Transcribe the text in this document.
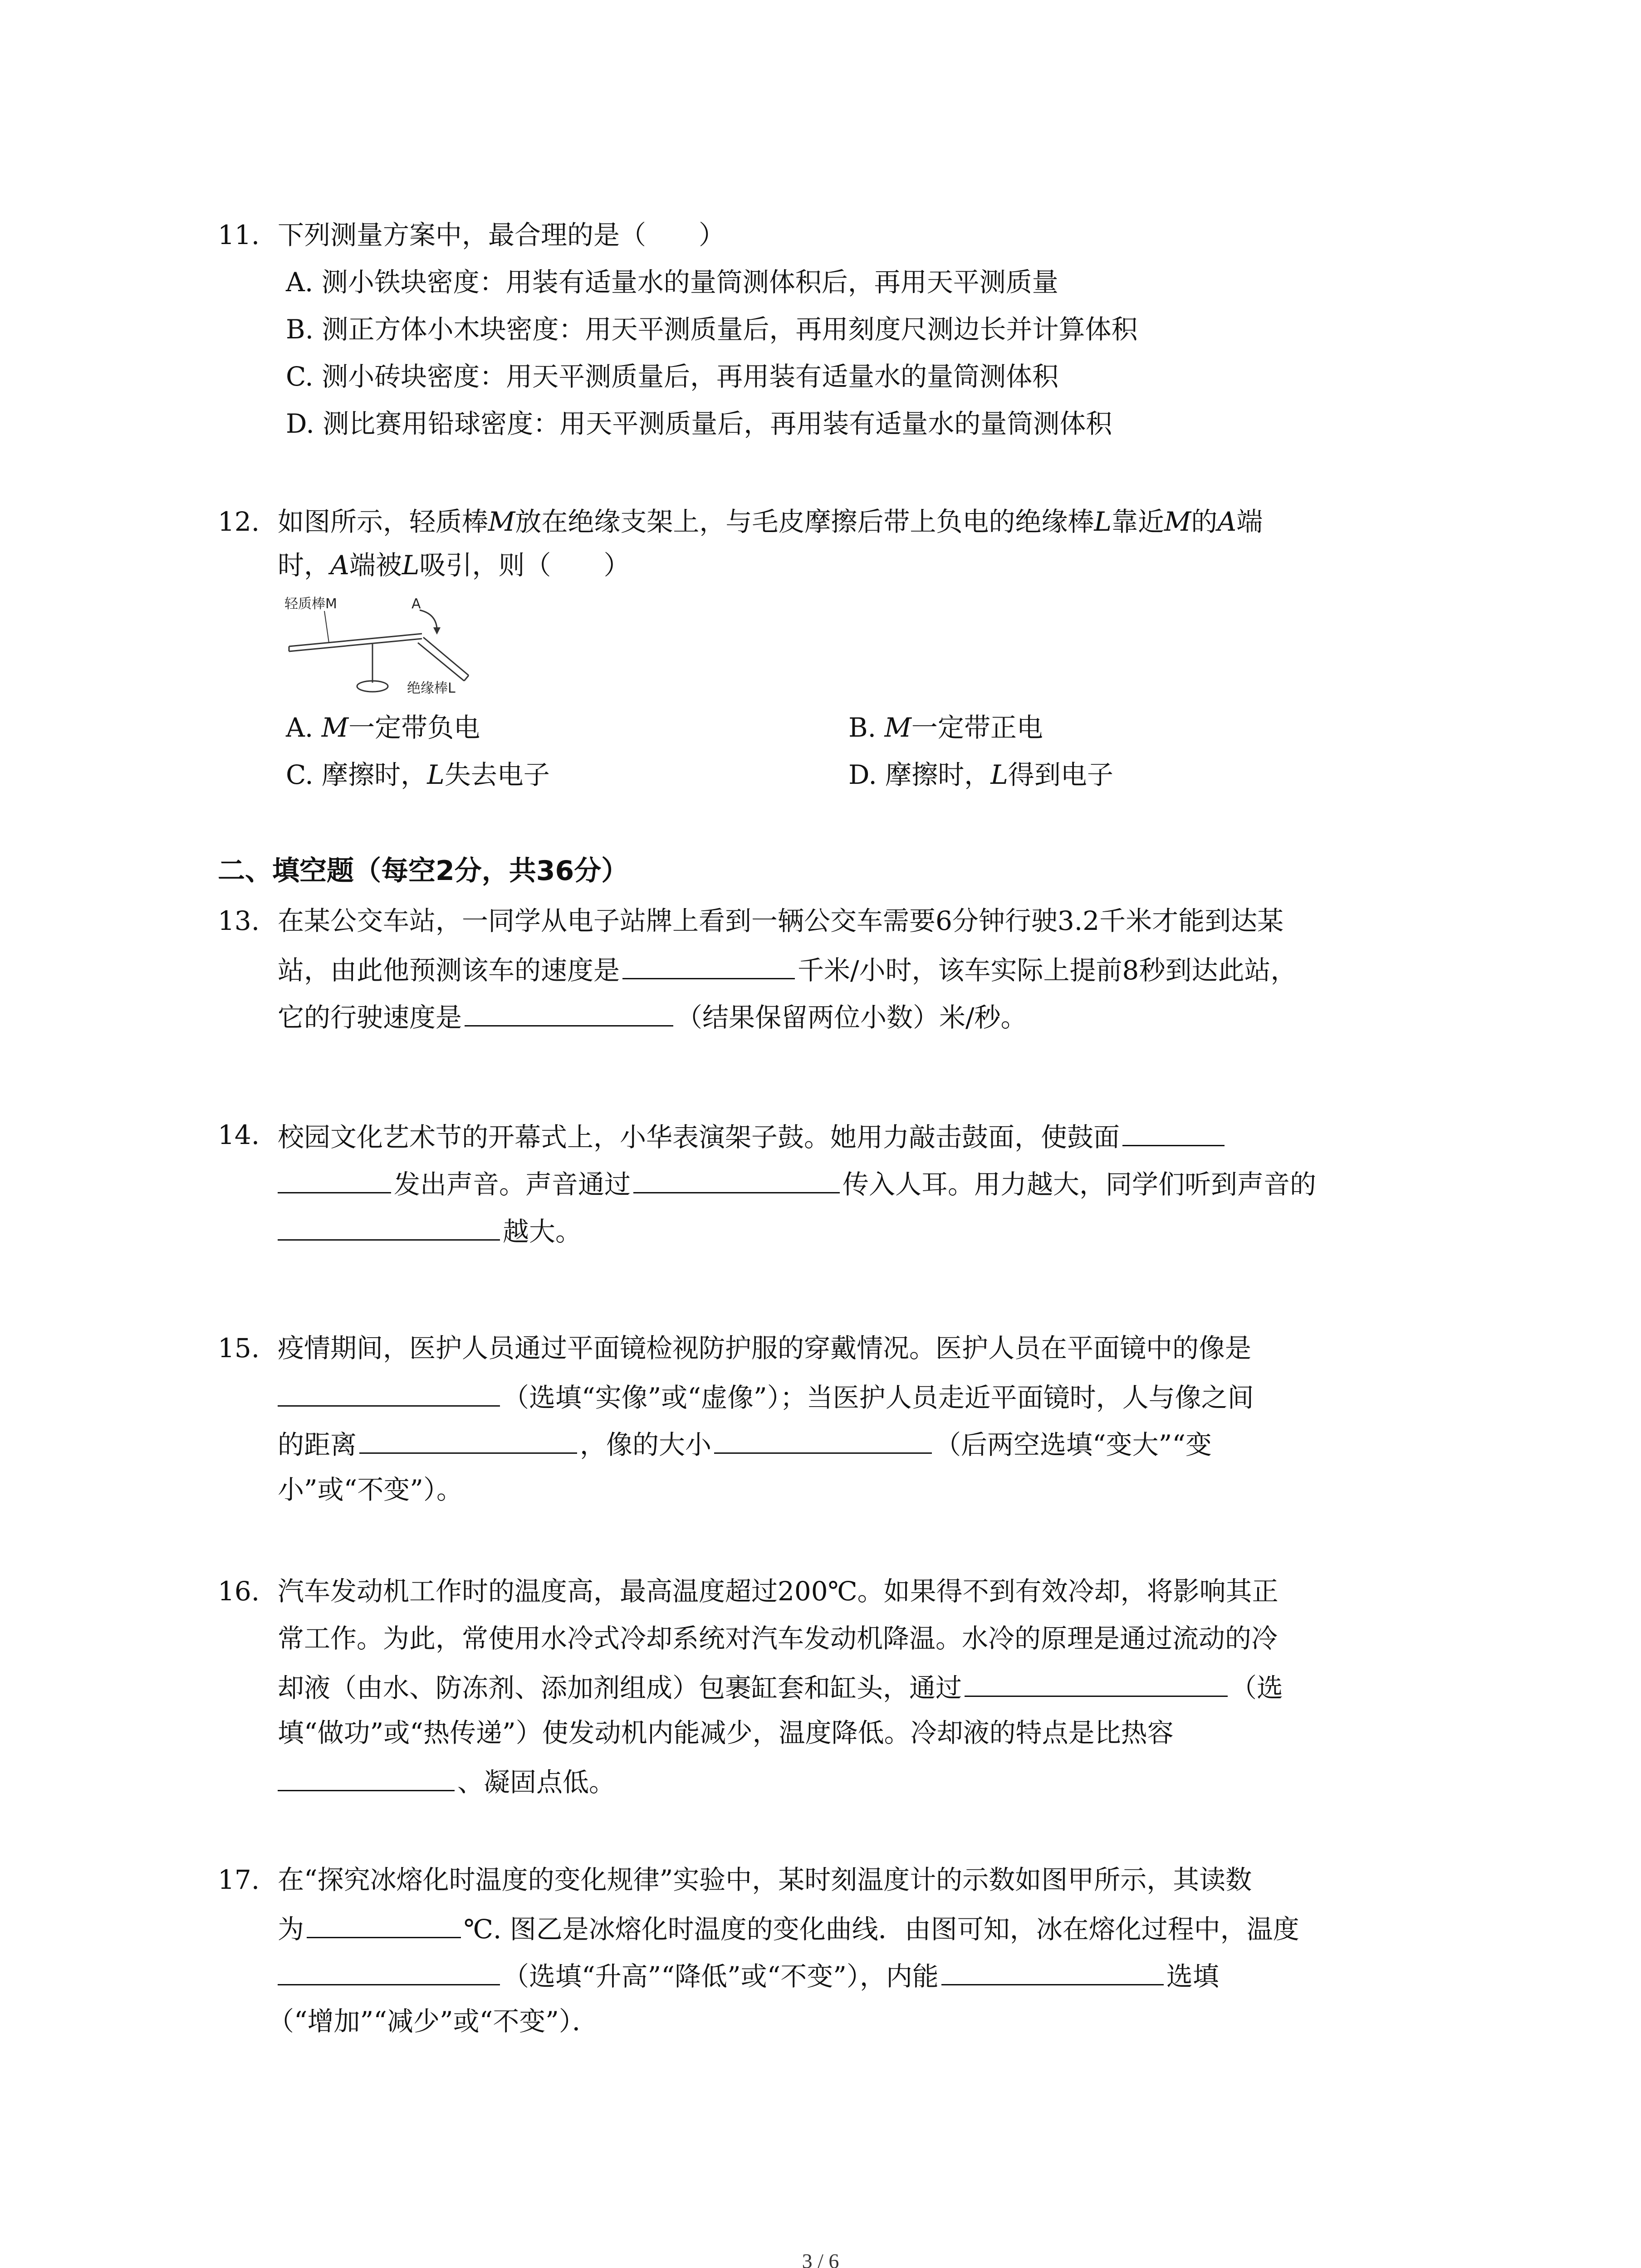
11. 下列测量方案中，最合理的是（　　）
A. 测小铁块密度：用装有适量水的量筒测体积后，再用天平测质量
B. 测正方体小木块密度：用天平测质量后，再用刻度尺测边长并计算体积
C. 测小砖块密度：用天平测质量后，再用装有适量水的量筒测体积
D. 测比赛用铅球密度：用天平测质量后，再用装有适量水的量筒测体积
12. 如图所示，轻质棒M放在绝缘支架上，与毛皮摩擦后带上负电的绝缘棒L靠近M的A端
时，A端被L吸引，则（　　）
轻质棒M	A
绝缘棒L
A. M一定带负电	B. M一定带正电
C. 摩擦时，L失去电子	D. 摩擦时，L得到电子
二、填空题（每空2分，共36分）
13. 在某公交车站，一同学从电子站牌上看到一辆公交车需要6分钟行驶3.2千米才能到达某
站，由此他预测该车的速度是	千米/小时，该车实际上提前8秒到达此站，
它的行驶速度是	（结果保留两位小数）米/秒。
14. 校园文化艺术节的开幕式上，小华表演架子鼓。她用力敲击鼓面，使鼓面
发出声音。声音通过	传入人耳。用力越大，同学们听到声音的
越大。
15. 疫情期间，医护人员通过平面镜检视防护服的穿戴情况。医护人员在平面镜中的像是
（选填“实像”或“虚像”）；当医护人员走近平面镜时，人与像之间
的距离	，像的大小	（后两空选填“变大”“变
小”或“不变”）。
16. 汽车发动机工作时的温度高，最高温度超过200℃。如果得不到有效冷却，将影响其正
常工作。为此，常使用水冷式冷却系统对汽车发动机降温。水冷的原理是通过流动的冷
却液（由水、防冻剂、添加剂组成）包裹缸套和缸头，通过	（选
填“做功”或“热传递”）使发动机内能减少，温度降低。冷却液的特点是比热容
、凝固点低。
17. 在“探究冰熔化时温度的变化规律”实验中，某时刻温度计的示数如图甲所示，其读数
为	℃. 图乙是冰熔化时温度的变化曲线．由图可知，冰在熔化过程中，温度
（选填“升高”“降低”或“不变”），内能	选填
（“增加”“减少”或“不变”）．
3 / 6
